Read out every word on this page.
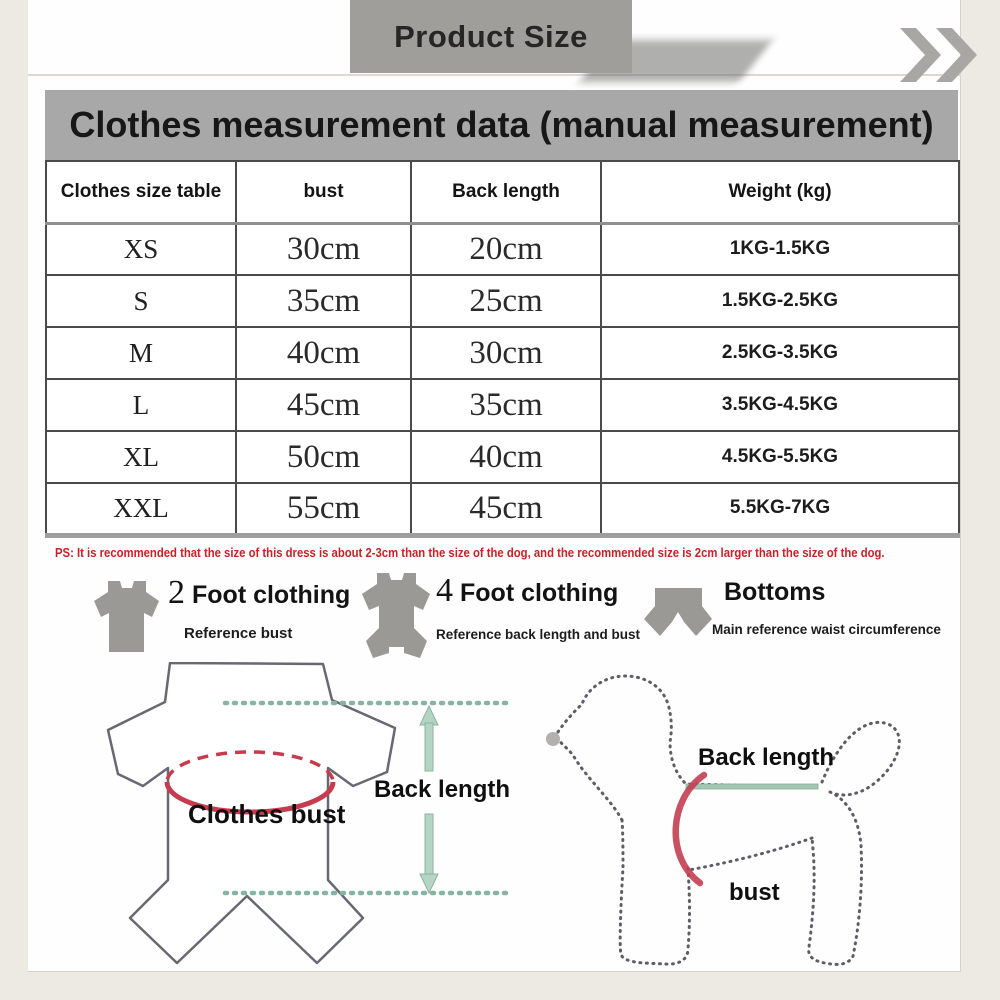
Product Size
Clothes measurement data (manual measurement)
Clothes size table	bust	Back length	Weight (kg)
XS	30cm	20cm	1KG-1.5KG
S	35cm	25cm	1.5KG-2.5KG
M	40cm	30cm	2.5KG-3.5KG
L	45cm	35cm	3.5KG-4.5KG
XL	50cm	40cm	4.5KG-5.5KG
XXL	55cm	45cm	5.5KG-7KG
PS: It is recommended that the size of this dress is about 2-3cm than the size of the dog, and the recommended size is 2cm larger than the size of the dog.
2 Foot clothing
Reference bust
4 Foot clothing
Reference back length and bust
Bottoms
Main reference waist circumference
Clothes bust
Back length
Back length
bust
